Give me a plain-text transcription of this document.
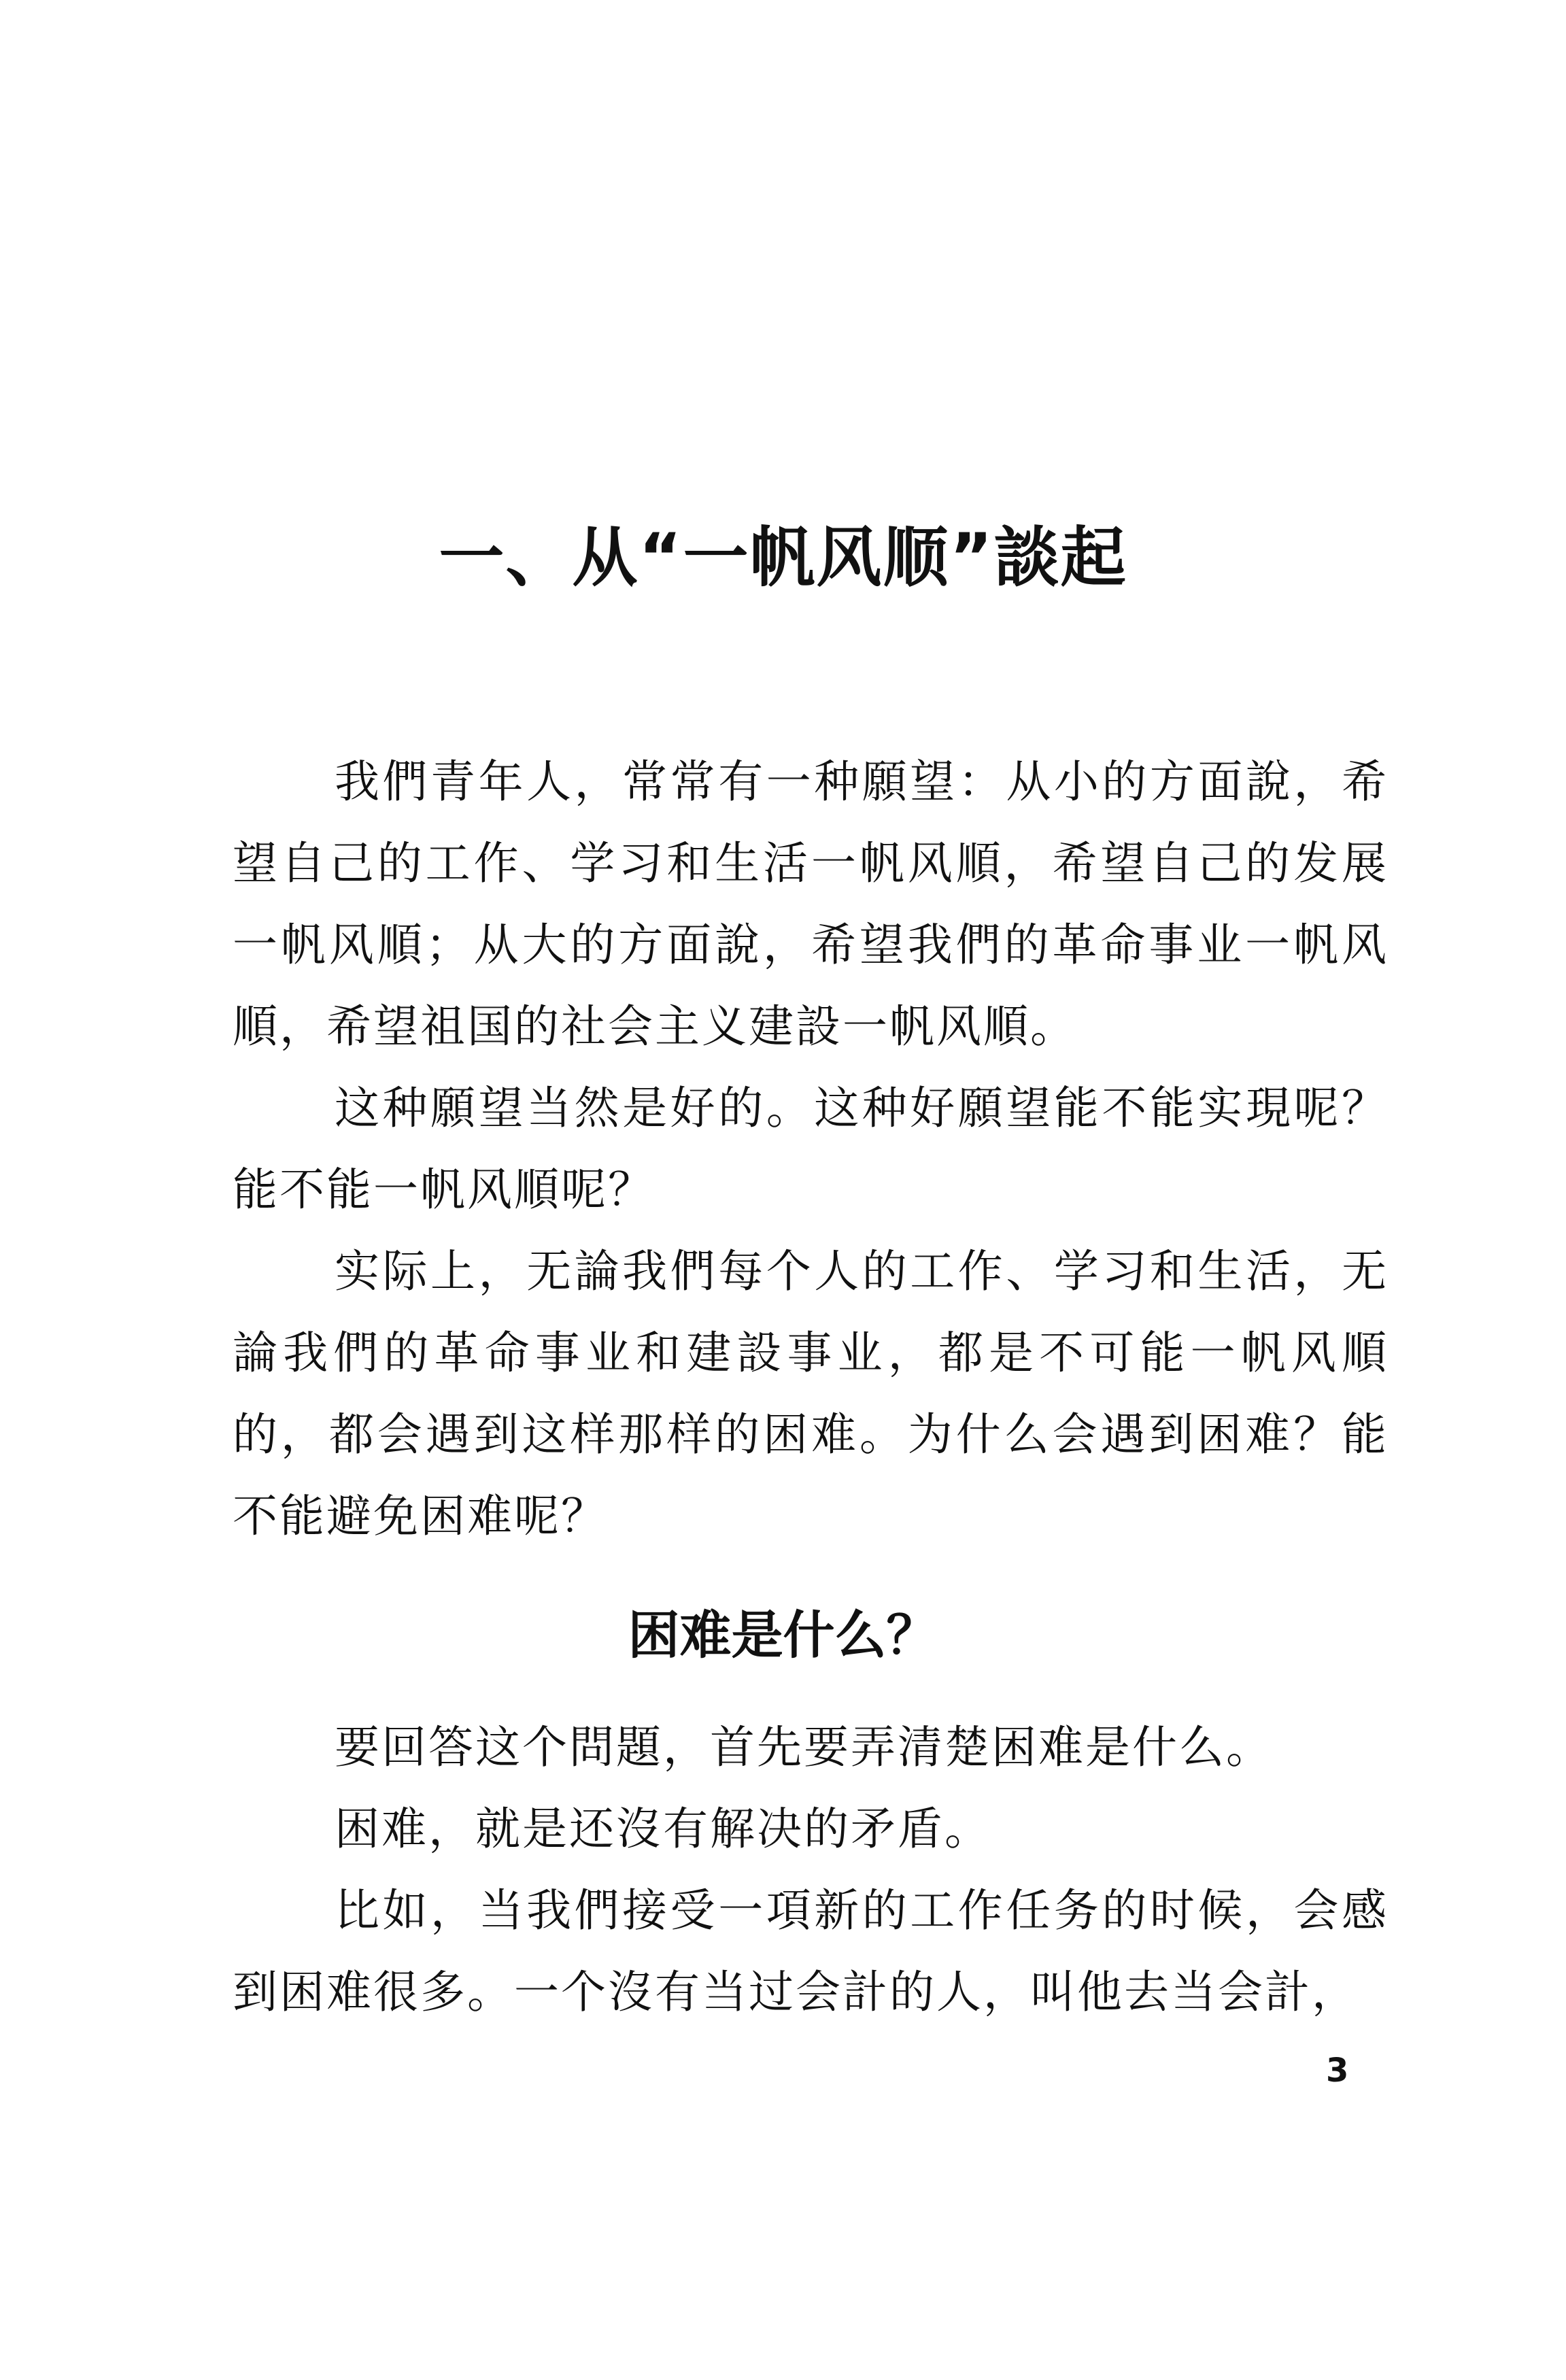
一、从“一帆风顺”談起

我們青年人，常常有一种願望：从小的方面說，希望自己的工作、学习和生活一帆风順，希望自己的发展一帆风順；从大的方面說，希望我們的革命事业一帆风順，希望祖国的社会主义建設一帆风順。

这种願望当然是好的。这种好願望能不能实現呢？能不能一帆风順呢？

实际上，无論我們每个人的工作、学习和生活，无論我們的革命事业和建設事业，都是不可能一帆风順的，都会遇到这样那样的困难。为什么会遇到困难？能不能避免困难呢？

困难是什么？

要回答这个問題，首先要弄清楚困难是什么。

困难，就是还沒有解决的矛盾。

比如，当我們接受一項新的工作任务的时候，会感到困难很多。一个沒有当过会計的人，叫他去当会計，

3
